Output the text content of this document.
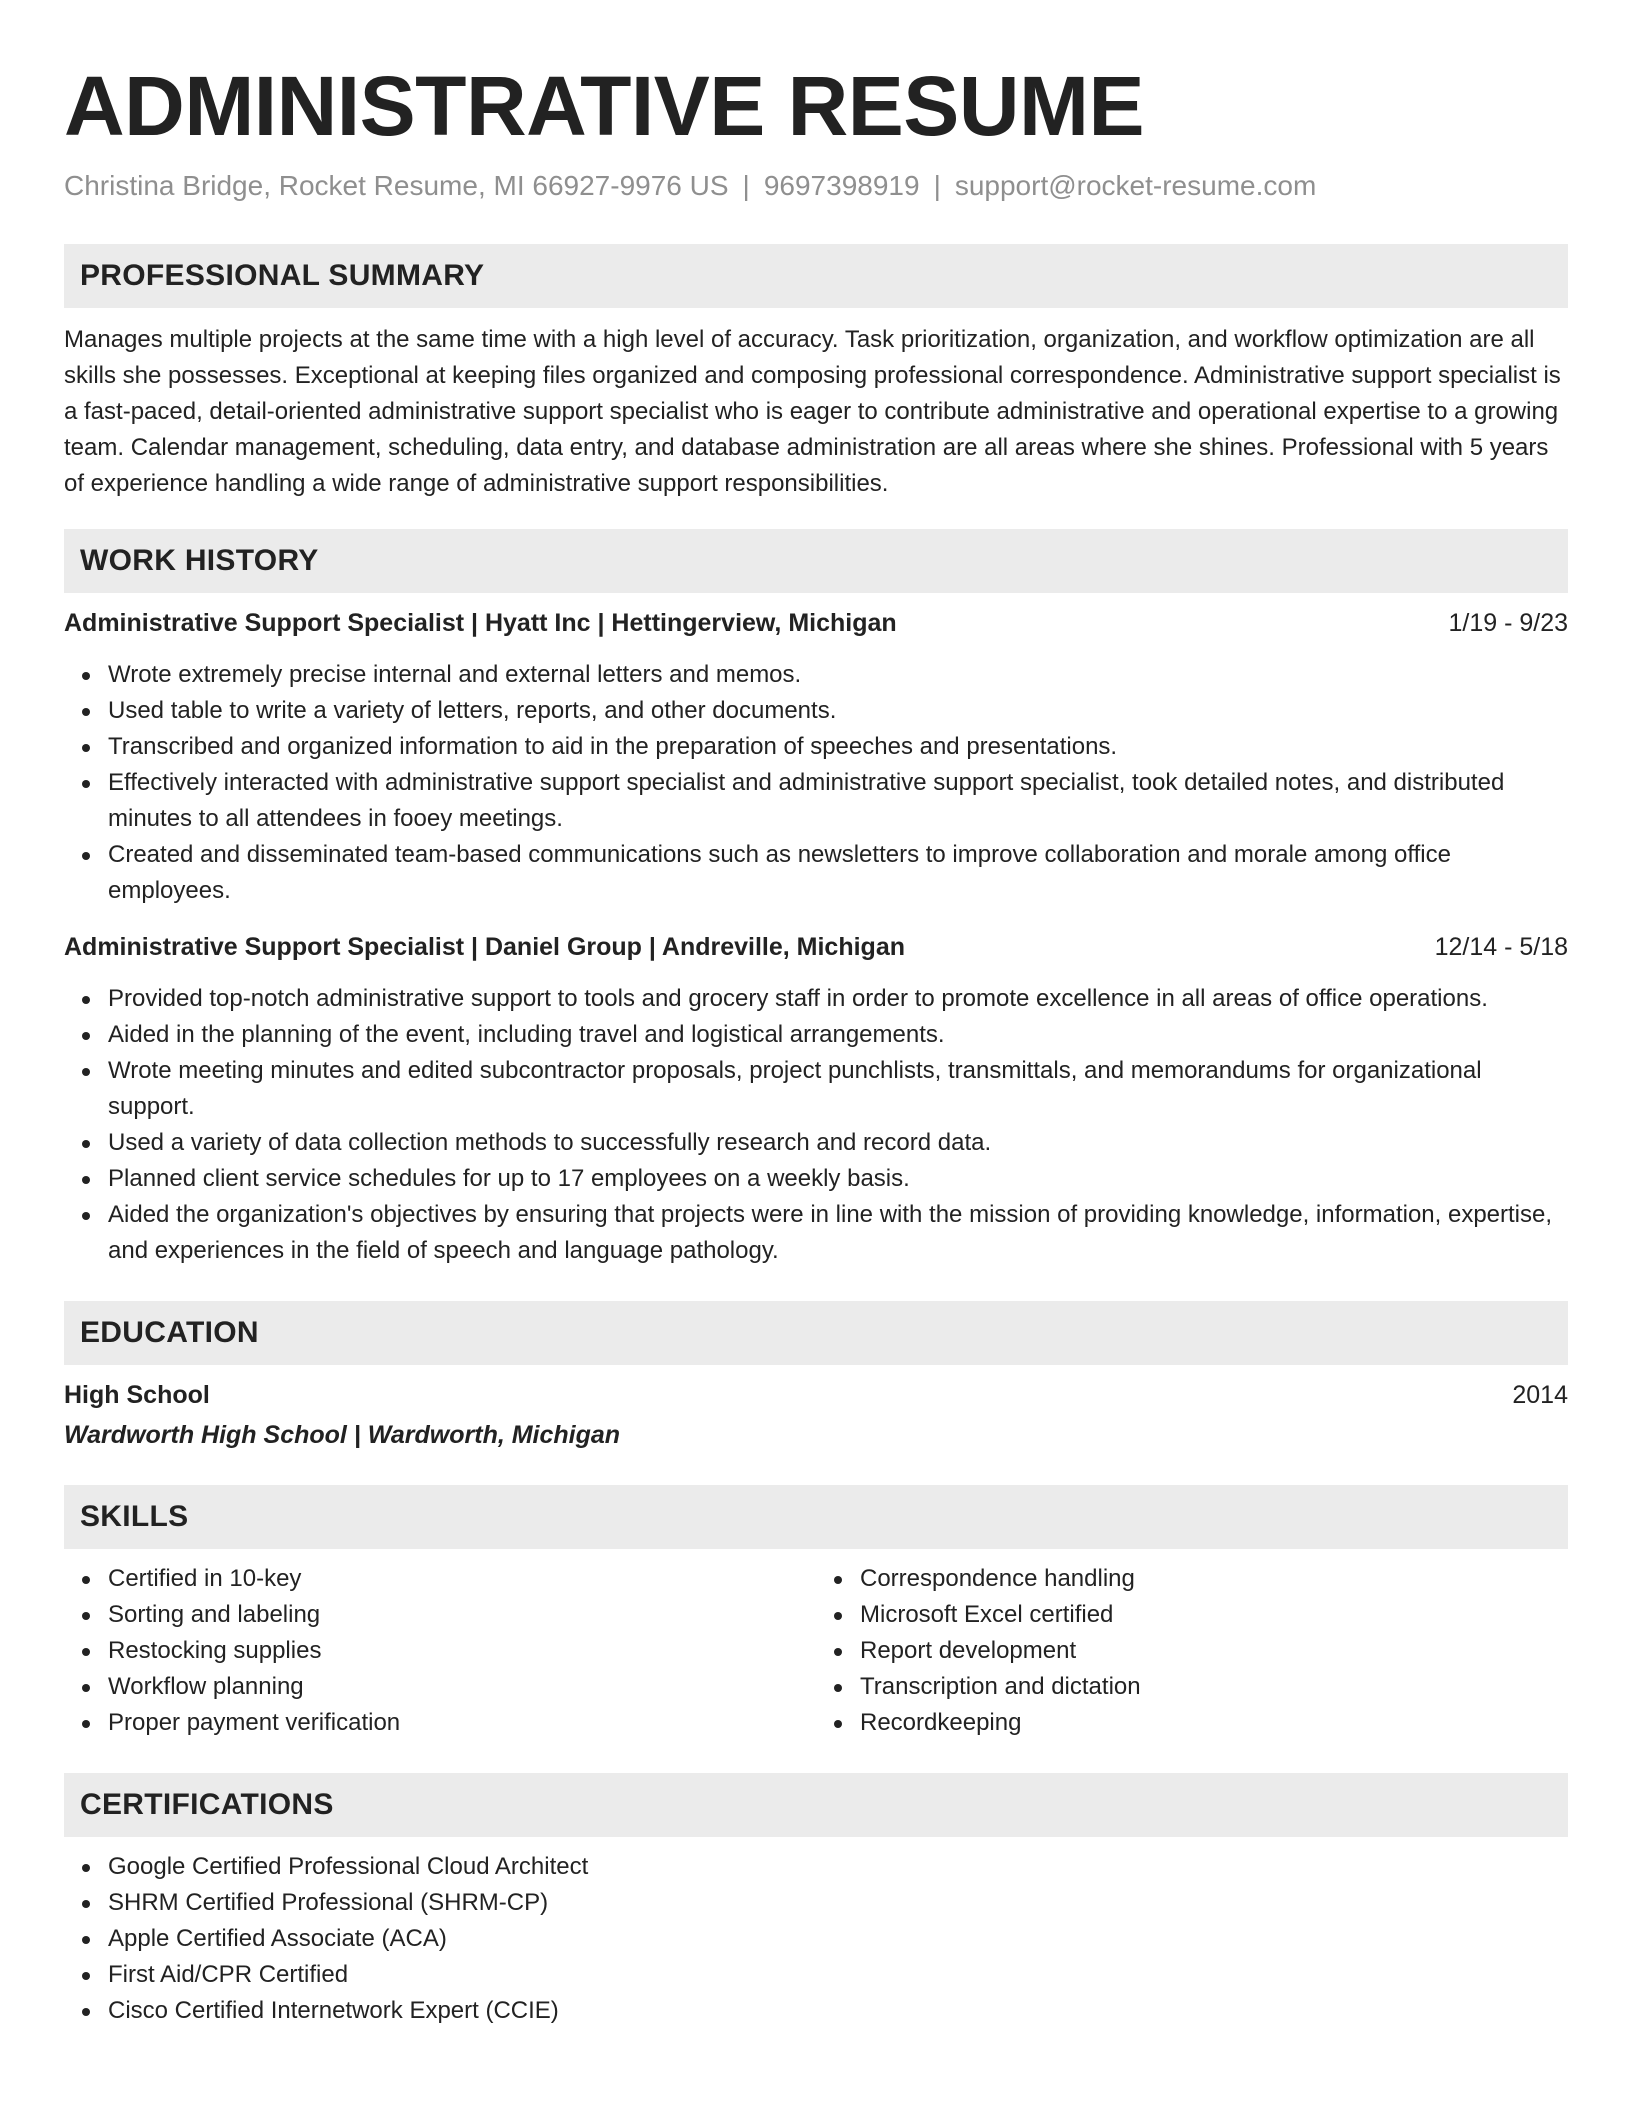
ADMINISTRATIVE RESUME
Christina Bridge, Rocket Resume, MI 66927-9976 US | 9697398919 | support@rocket-resume.com
PROFESSIONAL SUMMARY

Manages multiple projects at the same time with a high level of accuracy. Task prioritization, organization, and workflow optimization are all skills she possesses. Exceptional at keeping files organized and composing professional correspondence. Administrative support specialist is a fast-paced, detail-oriented administrative support specialist who is eager to contribute administrative and operational expertise to a growing team. Calendar management, scheduling, data entry, and database administration are all areas where she shines. Professional with 5 years of experience handling a wide range of administrative support responsibilities.

WORK HISTORY
Administrative Support Specialist | Hyatt Inc | Hettingerview, Michigan	1/19 - 9/23
Wrote extremely precise internal and external letters and memos.
Used table to write a variety of letters, reports, and other documents.
Transcribed and organized information to aid in the preparation of speeches and presentations.
Effectively interacted with administrative support specialist and administrative support specialist, took detailed notes, and distributed minutes to all attendees in fooey meetings.
Created and disseminated team-based communications such as newsletters to improve collaboration and morale among office employees.
Administrative Support Specialist | Daniel Group | Andreville, Michigan	12/14 - 5/18
Provided top-notch administrative support to tools and grocery staff in order to promote excellence in all areas of office operations.
Aided in the planning of the event, including travel and logistical arrangements.
Wrote meeting minutes and edited subcontractor proposals, project punchlists, transmittals, and memorandums for organizational support.
Used a variety of data collection methods to successfully research and record data.
Planned client service schedules for up to 17 employees on a weekly basis.
Aided the organization's objectives by ensuring that projects were in line with the mission of providing knowledge, information, expertise, and experiences in the field of speech and language pathology.
EDUCATION
High School	2014
Wardworth High School | Wardworth, Michigan
SKILLS
Certified in 10-key
Sorting and labeling
Restocking supplies
Workflow planning
Proper payment verification
Correspondence handling
Microsoft Excel certified
Report development
Transcription and dictation
Recordkeeping
CERTIFICATIONS
Google Certified Professional Cloud Architect
SHRM Certified Professional (SHRM-CP)
Apple Certified Associate (ACA)
First Aid/CPR Certified
Cisco Certified Internetwork Expert (CCIE)
